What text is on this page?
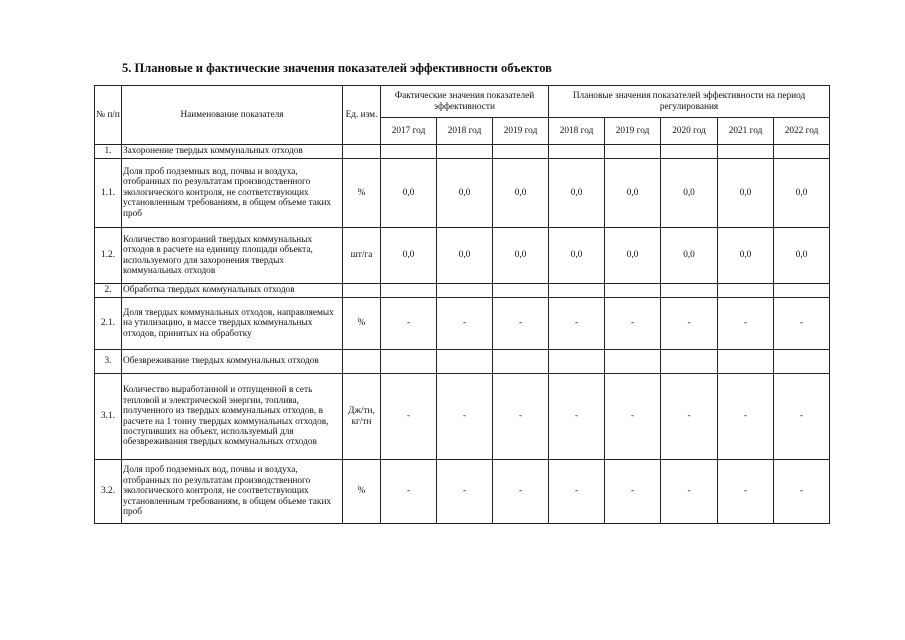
5. Плановые и фактические значения показателей эффективности объектов
№ п/п	Наименование показателя	Ед. изм.	Фактические значения показателей эффективности			Плановые значения показателей эффективности на период регулирования				
			2017 год	2018 год	2019 год	2018 год	2019 год	2020 год	2021 год	2022 год
1.	Захоронение твердых коммунальных отходов									
1.1.	Доля проб подземных вод, почвы и воздуха, отобранных по результатам производственного экологического контроля, не соответствующих установленным требованиям, в общем объеме таких проб	%	0,0	0,0	0,0	0,0	0,0	0,0	0,0	0,0
1.2.	Количество возгораний твердых коммунальных отходов в расчете на единицу площади объекта, используемого для захоронения твердых коммунальных отходов	шт/га	0,0	0,0	0,0	0,0	0,0	0,0	0,0	0,0
2.	Обработка твердых коммунальных отходов									
2.1.	Доля твердых коммунальных отходов, направляемых на утилизацию, в массе твердых коммунальных отходов, принятых на обработку	%	-	-	-	-	-	-	-	-
3.	Обезвреживание твердых коммунальных отходов									
3.1.	Количество выработанной и отпущенной в сеть тепловой и электрической энергии, топлива, полученного из твердых коммунальных отходов, в расчете на 1 тонну твердых коммунальных отходов, поступивших на объект, используемый для обезвреживания твердых коммунальных отходов	Дж/тн, кг/тн	-	-	-	-	-	-	-	-
3.2.	Доля проб подземных вод, почвы и воздуха, отобранных по результатам производственного экологического контроля, не соответствующих установленным требованиям, в общем объеме таких проб	%	-	-	-	-	-	-	-	-
